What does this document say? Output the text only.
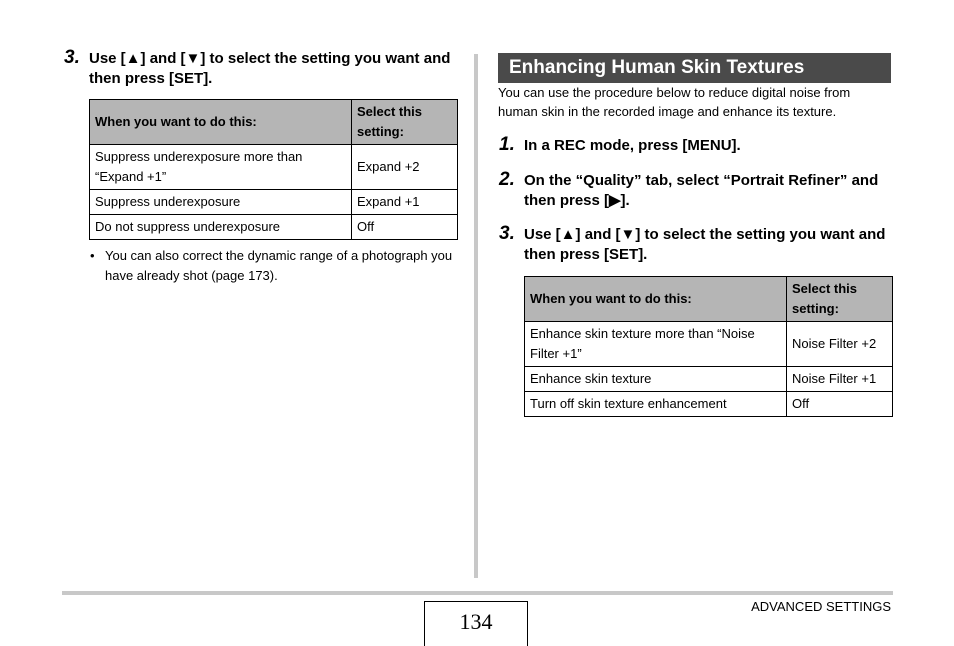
3. Use [▲] and [▼] to select the setting you want and then press [SET].
When you want to do this:	Select this setting:
Suppress underexposure more than “Expand +1”	Expand +2
Suppress underexposure	Expand +1
Do not suppress underexposure	Off
• You can also correct the dynamic range of a photograph you have already shot (page 173).
Enhancing Human Skin Textures
You can use the procedure below to reduce digital noise from human skin in the recorded image and enhance its texture.
1. In a REC mode, press [MENU].
2. On the “Quality” tab, select “Portrait Refiner” and then press [▶].
3. Use [▲] and [▼] to select the setting you want and then press [SET].
When you want to do this:	Select this setting:
Enhance skin texture more than “Noise Filter +1”	Noise Filter +2
Enhance skin texture	Noise Filter +1
Turn off skin texture enhancement	Off
134
ADVANCED SETTINGS
